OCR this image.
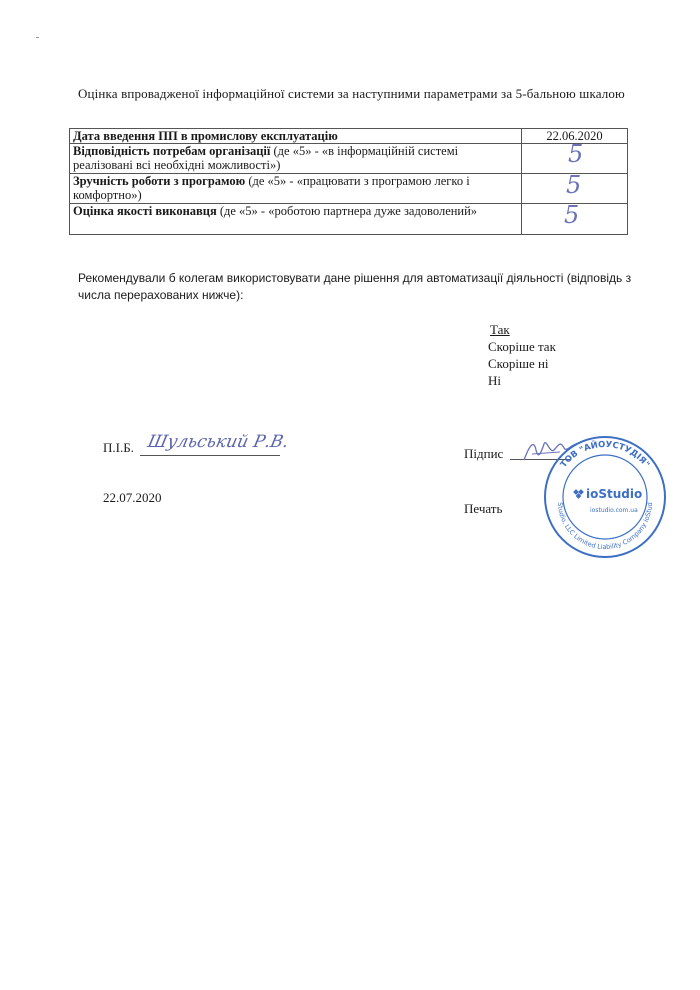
Оцінка впровадженої інформаційної системи за наступними параметрами за 5-бальною шкалою
Дата введення ПП в промислову експлуатацію	22.06.2020
Відповідність потребам організації (де «5» - «в інформаційній системі реалізовані всі необхідні можливості»)	5

Зручність роботи з програмою (де «5» - «працювати з програмою легко і комфортно»)	5

Оцінка якості виконавця (де «5» - «роботою партнера дуже задоволений»	5
Рекомендували б колегам використовувати дане рішення для автоматизації діяльності (відповідь з числа перерахованих нижче):
Так
Скоріше так
Скоріше ні
Ні
П.І.Б. Шульський Р.В.
22.07.2020
Підпис
Печать
ТОВ "АЙОУСТУДІЯ"
Studio, LLC Limited Liability Company ioStud
ioStudio
iostudio.com.ua
